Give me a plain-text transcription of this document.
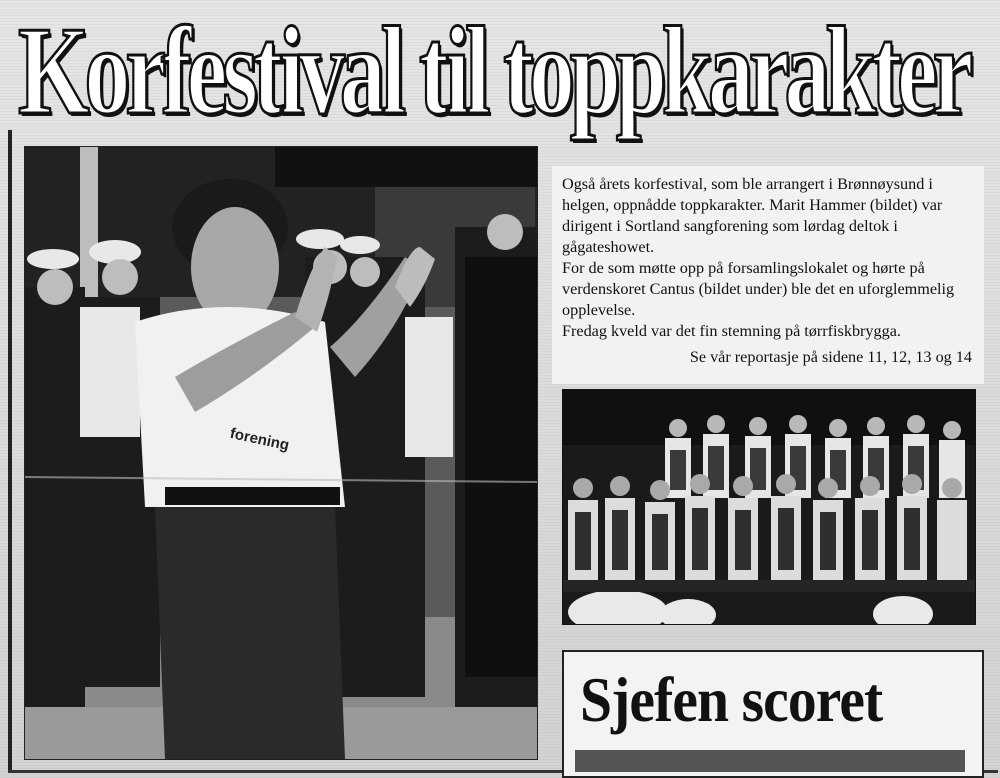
Korfestival til toppkarakter
forening

Også årets korfestival, som ble arrangert i Brønnøysund i helgen, oppnådde toppkarakter. Marit Hammer (bildet) var dirigent i Sortland sangforening som lørdag deltok i gågateshowet.

For de som møtte opp på forsamlingslokalet og hørte på verdenskoret Cantus (bildet under) ble det en uforglemmelig opplevelse.

Fredag kveld var det fin stemning på tørrfiskbrygga.

Se vår reportasje på sidene 11, 12, 13 og 14

Sjefen scoret
